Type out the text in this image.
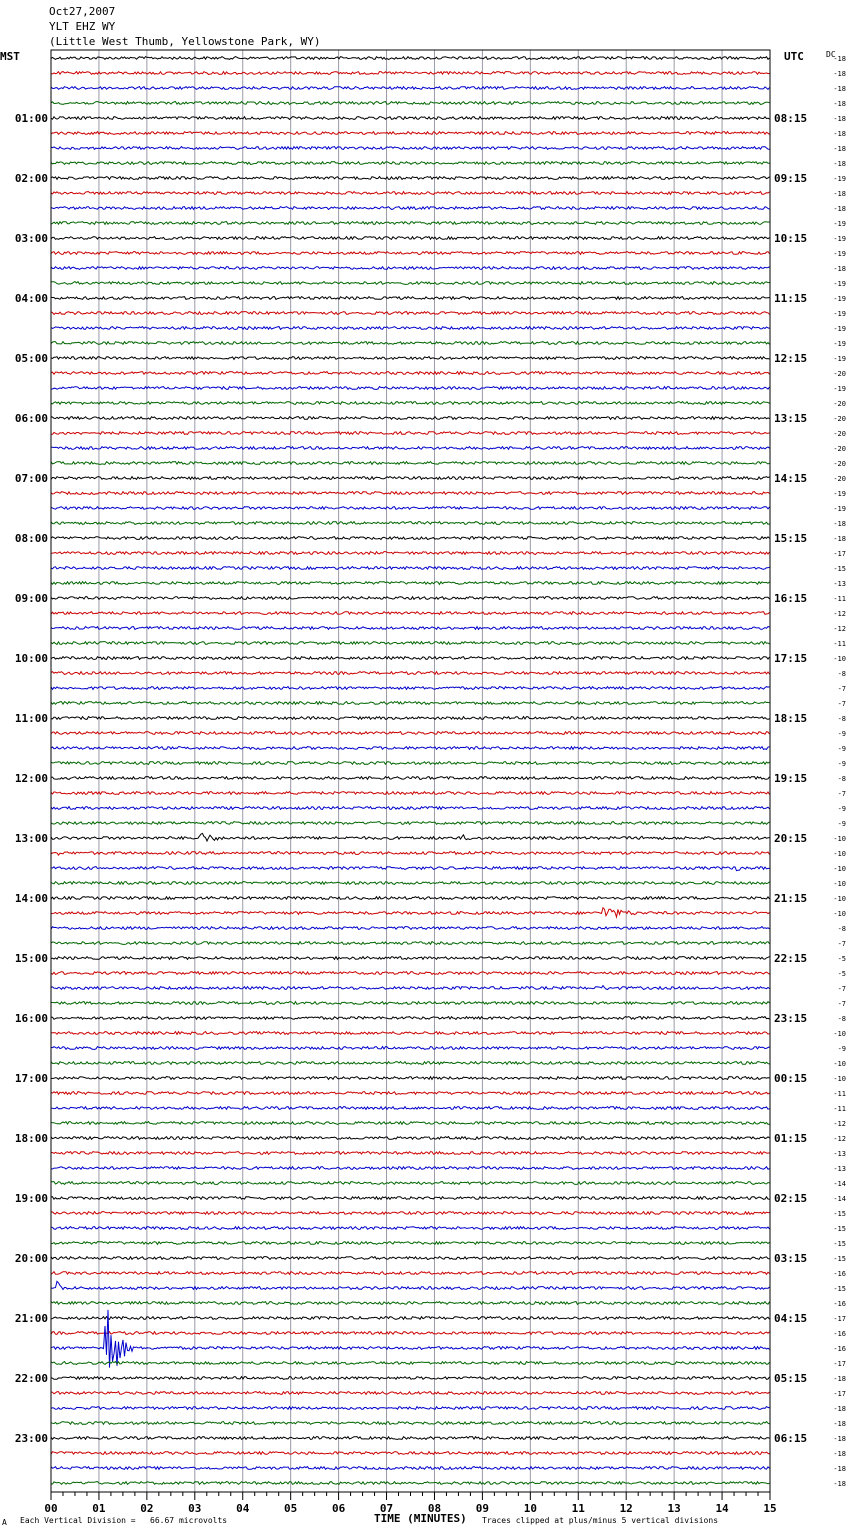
00	01	02	03	04	05	06	07	08	09	10	11	12	13	14	15
01:00
02:00
03:00
04:00
05:00
06:00
07:00
08:00
09:00
10:00
11:00
12:00
13:00
14:00
15:00
16:00
17:00
18:00
19:00
20:00
21:00
22:00
23:00
08:15
09:15
10:15
11:15
12:15
13:15
14:15
15:15
16:15
17:15
18:15
19:15
20:15
21:15
22:15
23:15
00:15
01:15
02:15
03:15
04:15
05:15
06:15
-18
-18
-18
-18
-18
-18
-18
-18
-19
-18
-18
-19
-19
-19
-18
-19
-19
-19
-19
-19
-19
-20
-19
-20
-20
-20
-20
-20
-20
-19
-19
-18
-18
-17
-15
-13
-11
-12
-12
-11
-10
-8
-7
-7
-8
-9
-9
-9
-8
-7
-9
-9
-10
-10
-10
-10
-10
-10
-8
-7
-5
-5
-7
-7
-8
-10
-9
-10
-10
-11
-11
-12
-12
-13
-13
-14
-14
-15
-15
-15
-15
-16
-15
-16
-17
-16
-16
-17
-18
-17
-18
-18
-18
-18
-18
-18
Oct27,2007
YLT EHZ WY
(Little West Thumb, Yellowstone Park, WY)
MST	UTC	DC
A Each Vertical Division =   66.67 microvolts	TIME (MINUTES) Traces clipped at plus/minus 5 vertical divisions
